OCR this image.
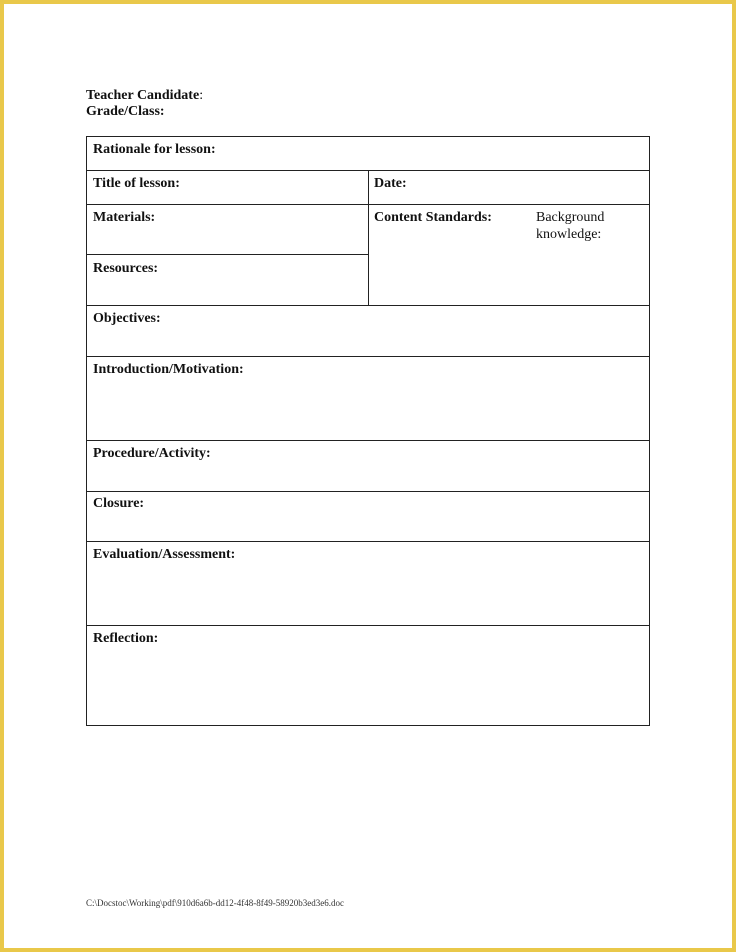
Teacher Candidate:
Grade/Class:
Rationale for lesson:
Title of lesson:	Date:
Materials:	Content Standards:	Background
knowledge:
Resources:
Objectives:
Introduction/Motivation:
Procedure/Activity:
Closure:
Evaluation/Assessment:
Reflection:
C:\Docstoc\Working\pdf\910d6a6b-dd12-4f48-8f49-58920b3ed3e6.doc
